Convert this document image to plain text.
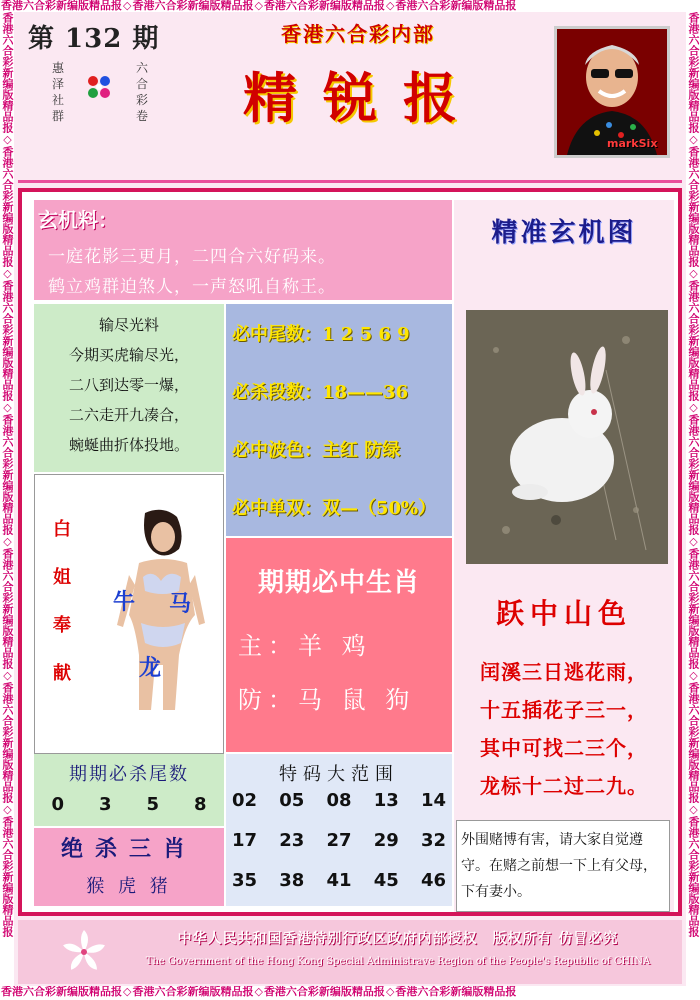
香港六合彩新编版精品报◇香港六合彩新编版精品报◇香港六合彩新编版精品报◇香港六合彩新编版精品报
香港六合彩新编版精品报◇香港六合彩新编版精品报◇香港六合彩新编版精品报◇香港六合彩新编版精品报
香港六合彩新编版精品报◇香港六合彩新编版精品报◇香港六合彩新编版精品报◇香港六合彩新编版精品报◇香港六合彩新编版精品报◇香港六合彩新编版精品报◇香港六合彩新编版精品报
香港六合彩新编版精品报◇香港六合彩新编版精品报◇香港六合彩新编版精品报◇香港六合彩新编版精品报◇香港六合彩新编版精品报◇香港六合彩新编版精品报◇香港六合彩新编版精品报
第 132 期
惠泽社群
六合彩卷
香港六合彩内部
精锐报
markSix
玄机料：
一庭花影三更月，二四合六好码来。
鹤立鸡群迫煞人，一声怒吼自称王。
输尽光料
今期买虎输尽光，
二八到达零一爆，
二六走开九凑合，
蜿蜒曲折体投地。
必中尾数：1 2 5 6 9
必杀段数：18——36
必中波色：主红 防绿
必中单双：双—（50%）
白
姐
奉
献
牛 马
龙
期期必中生肖
主：羊 鸡
防：马 鼠 狗
期期必杀尾数
0 3 5 8
绝杀三肖
猴 虎 猪
特码大范围
02 05 08 13 14
17 23 27 29 32
35 38 41 45 46
精准玄机图
跃中山色
闰溪三日逃花雨，
十五插花子三一，
其中可找二三个，
龙标十二过二九。
外围赌博有害，请大家自觉遵守。在赌之前想一下上有父母，下有妻小。
中华人民共和国香港特别行政区政府内部授权　版权所有 仿冒必究
The Government of the Hong Kong Special Administrave Region of the People's Republic of CHINA
